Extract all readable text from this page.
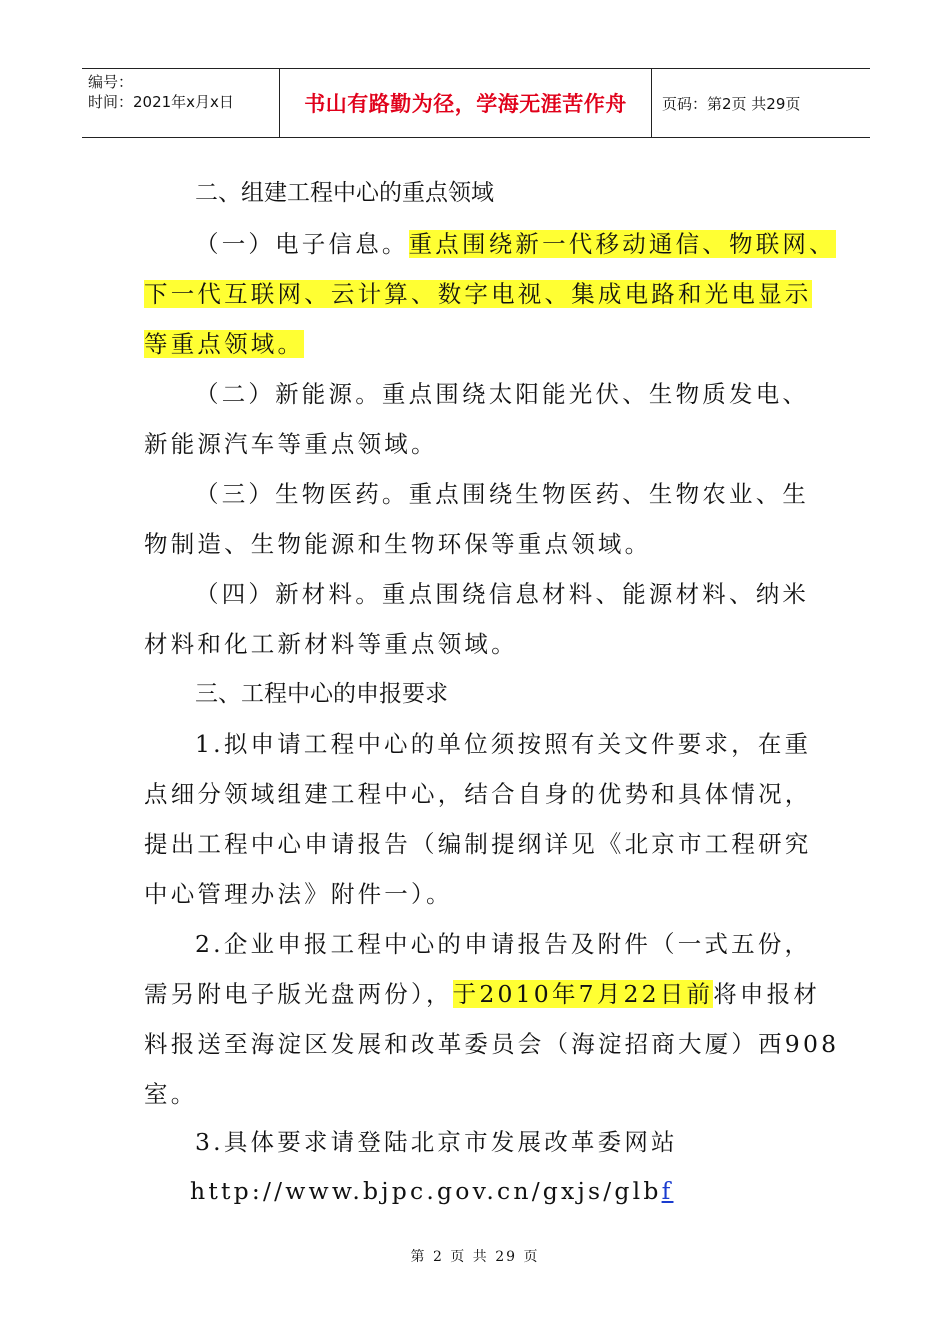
编号：
时间：2021年x月x日	书山有路勤为径，学海无涯苦作舟	页码：第2页 共29页
二、组建工程中心的重点领域
（一）电子信息。重点围绕新一代移动通信、物联网、
下一代互联网、云计算、数字电视、集成电路和光电显示
等重点领域。
（二）新能源。重点围绕太阳能光伏、生物质发电、
新能源汽车等重点领域。
（三）生物医药。重点围绕生物医药、生物农业、生
物制造、生物能源和生物环保等重点领域。
（四）新材料。重点围绕信息材料、能源材料、纳米
材料和化工新材料等重点领域。
三、工程中心的申报要求
1.拟申请工程中心的单位须按照有关文件要求，在重
点细分领域组建工程中心，结合自身的优势和具体情况，
提出工程中心申请报告（编制提纲详见《北京市工程研究
中心管理办法》附件一）。
2.企业申报工程中心的申请报告及附件（一式五份，
需另附电子版光盘两份），于2010年7月22日前将申报材
料报送至海淀区发展和改革委员会（海淀招商大厦）西908
室。
3.具体要求请登陆北京市发展改革委网站
http://www.bjpc.gov.cn/gxjs/glbf
第 2 页 共 29 页
